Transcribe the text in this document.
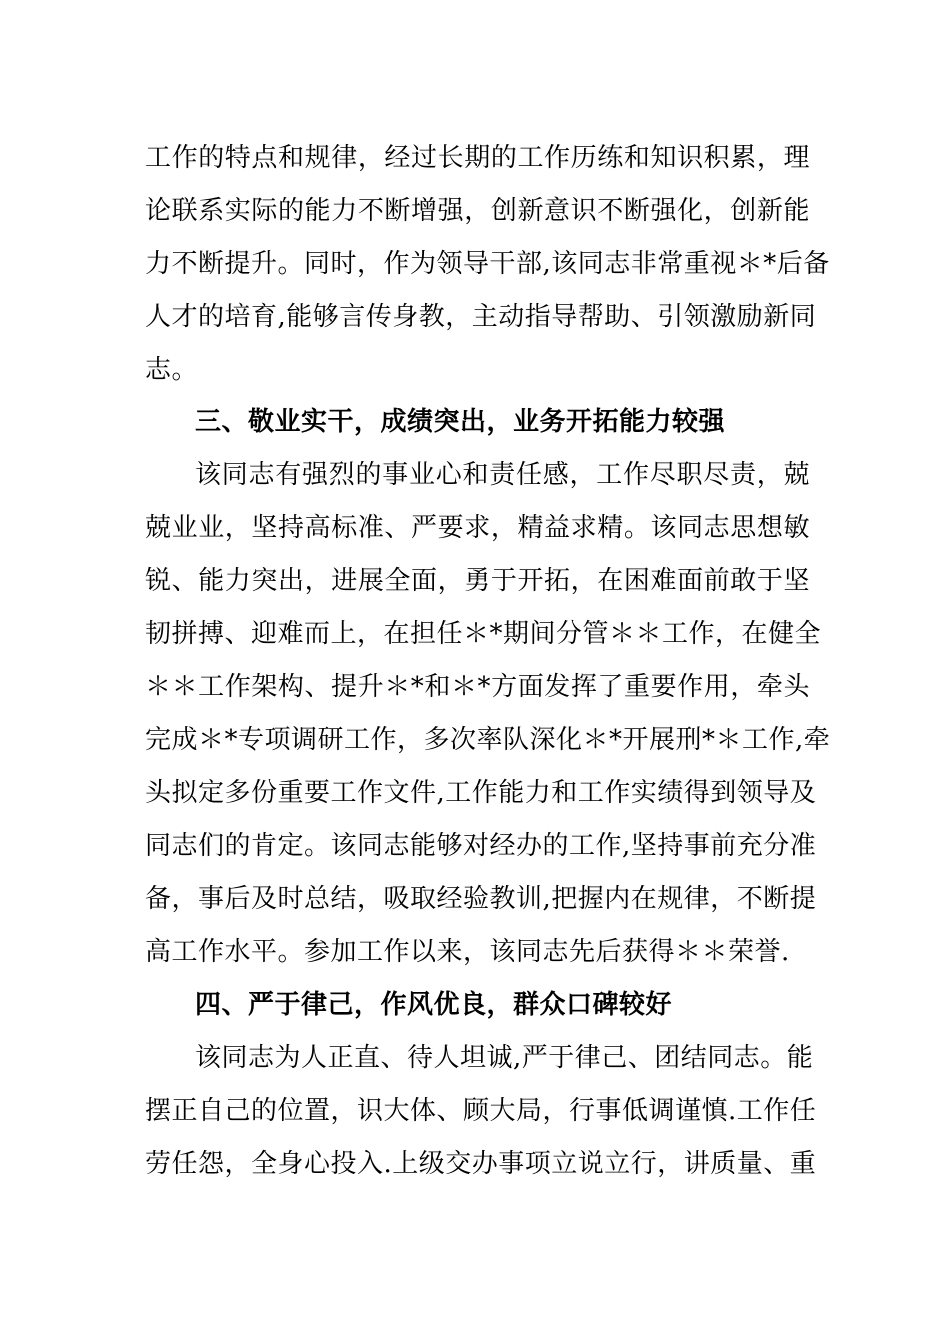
工作的特点和规律，经过长期的工作历练和知识积累，理
论联系实际的能力不断增强，创新意识不断强化，创新能
力不断提升。同时，作为领导干部,该同志非常重视＊*后备
人才的培育,能够言传身教，主动指导帮助、引领激励新同
志。
三、敬业实干，成绩突出，业务开拓能力较强
该同志有强烈的事业心和责任感，工作尽职尽责，兢
兢业业，坚持高标准、严要求，精益求精。该同志思想敏
锐、能力突出，进展全面，勇于开拓，在困难面前敢于坚
韧拼搏、迎难而上，在担任＊*期间分管＊＊工作，在健全
＊＊工作架构、提升＊*和＊*方面发挥了重要作用，牵头
完成＊*专项调研工作，多次率队深化＊*开展刑*＊工作,牵
头拟定多份重要工作文件,工作能力和工作实绩得到领导及
同志们的肯定。该同志能够对经办的工作,坚持事前充分准
备，事后及时总结，吸取经验教训,把握内在规律，不断提
高工作水平。参加工作以来，该同志先后获得＊＊荣誉.
四、严于律己，作风优良，群众口碑较好
该同志为人正直、待人坦诚,严于律己、团结同志。能
摆正自己的位置，识大体、顾大局，行事低调谨慎.工作任
劳任怨，全身心投入.上级交办事项立说立行，讲质量、重
